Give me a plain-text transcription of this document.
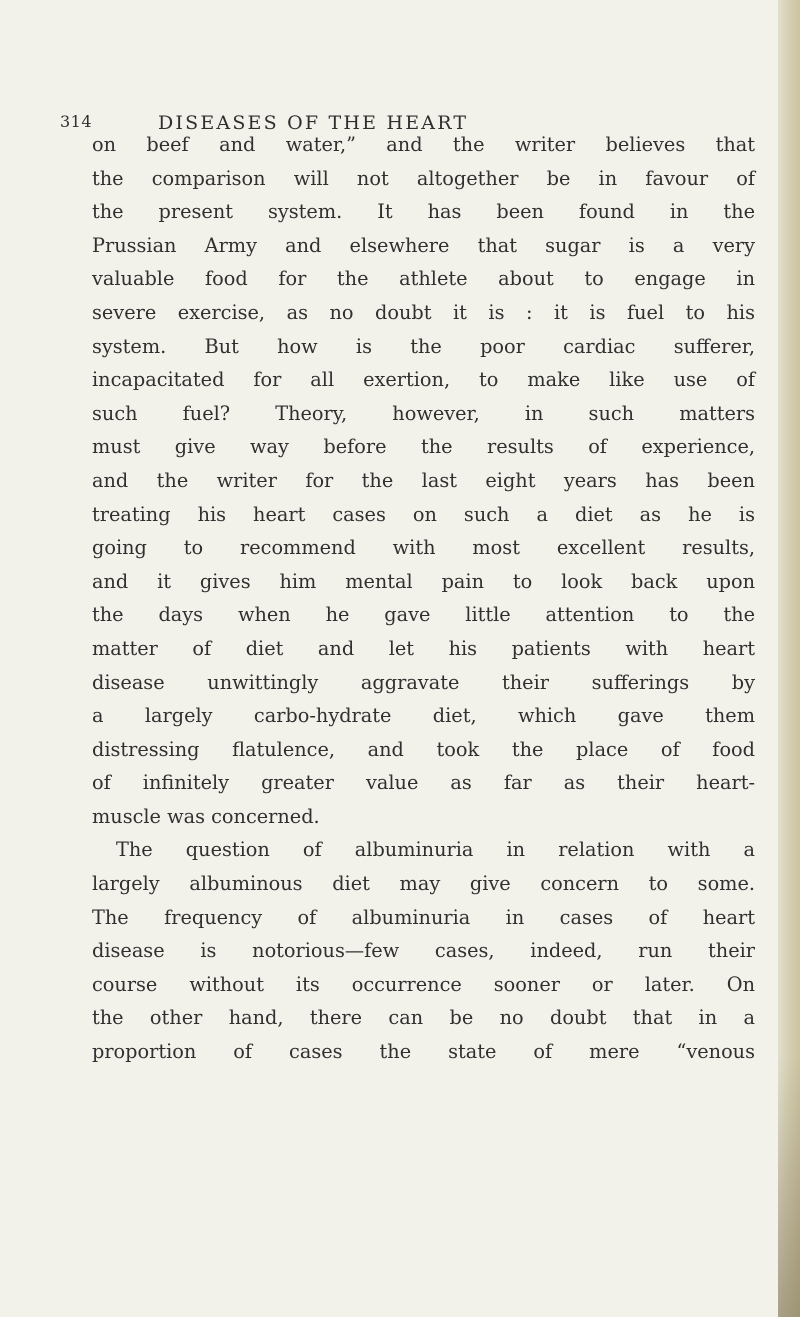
314	DISEASES OF THE HEART
on beef and water,” and the writer believes that
the comparison will not altogether be in favour of
the present system. It has been found in the
Prussian Army and elsewhere that sugar is a very
valuable food for the athlete about to engage in
severe exercise, as no doubt it is : it is fuel to his
system. But how is the poor cardiac sufferer,
incapacitated for all exertion, to make like use of
such fuel? Theory, however, in such matters
must give way before the results of experience,
and the writer for the last eight years has been
treating his heart cases on such a diet as he is
going to recommend with most excellent results,
and it gives him mental pain to look back upon
the days when he gave little attention to the
matter of diet and let his patients with heart
disease unwittingly aggravate their sufferings by
a largely carbo-hydrate diet, which gave them
distressing flatulence, and took the place of food
of infinitely greater value as far as their heart-
muscle was concerned.
The question of albuminuria in relation with a
largely albuminous diet may give concern to some.
The frequency of albuminuria in cases of heart
disease is notorious—few cases, indeed, run their
course without its occurrence sooner or later. On
the other hand, there can be no doubt that in a
proportion of cases the state of mere “venous
